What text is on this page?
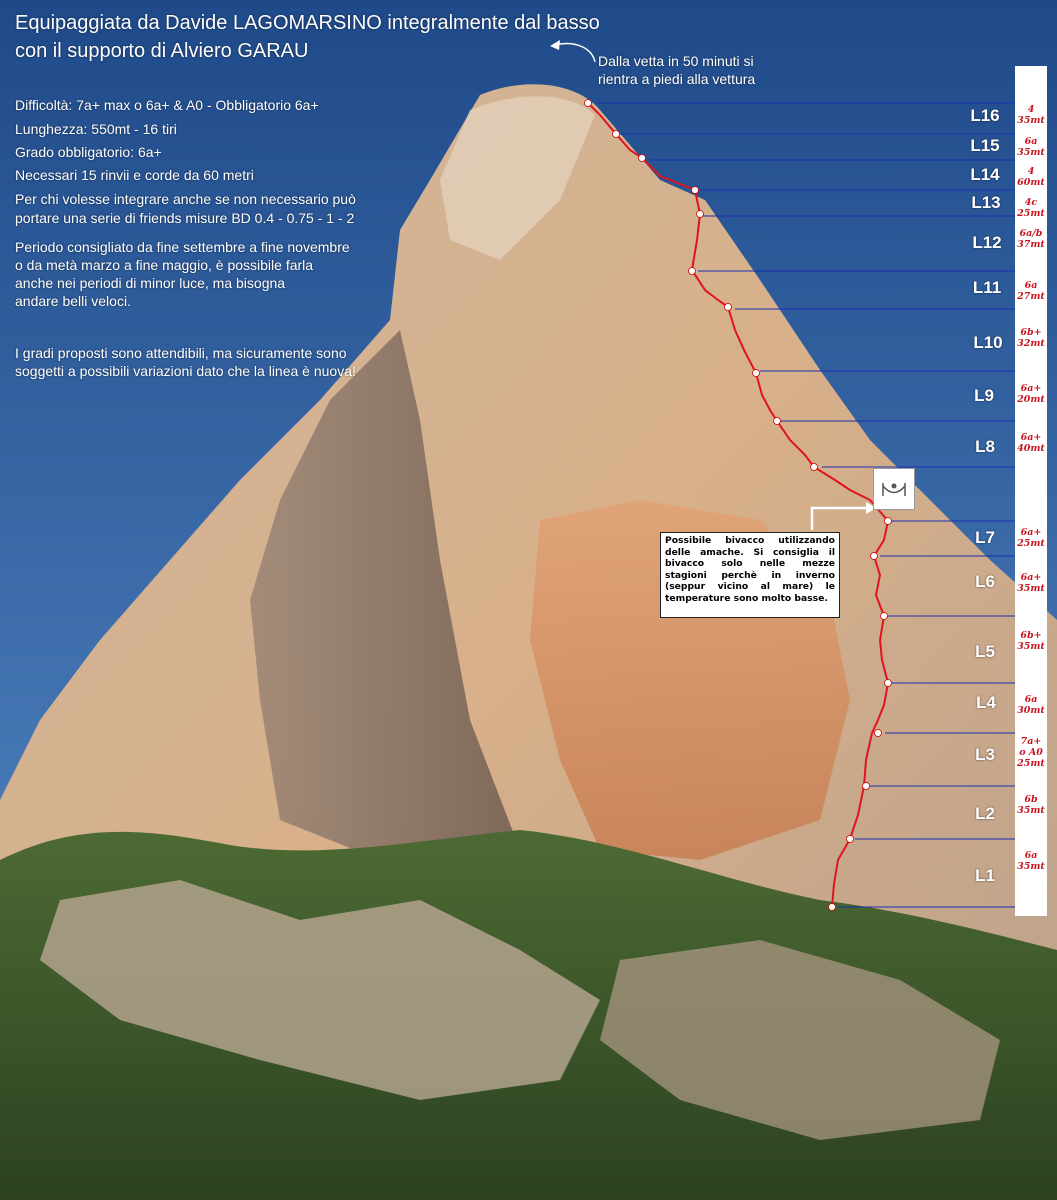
Equipaggiata da Davide LAGOMARSINO integralmente dal basso
con il supporto di Alviero GARAU	Dalla vetta in 50 minuti si
rientra a piedi alla vettura
Difficoltà: 7a+ max o 6a+ & A0 - Obbligatorio 6a+
Lunghezza: 550mt - 16 tiri
Grado obbligatorio: 6a+
Necessari 15 rinvii e corde da 60 metri
Per chi volesse integrare anche se non necessario può
portare una serie di friends misure BD 0.4 - 0.75 - 1 - 2
Periodo consigliato da fine settembre a fine novembre
o da metà marzo a fine maggio, è possibile farla
anche nei periodi di minor luce, ma bisogna
andare belli veloci.
I gradi proposti sono attendibili, ma sicuramente sono
soggetti a possibili variazioni dato che la linea è nuova!
Possibile bivacco utilizzando delle amache. Si consiglia il bivacco solo nelle mezze stagioni perchè in inverno (seppur vicino al mare) le temperature sono molto basse.
L16	4
35mt
L15	6a
35mt
L14	4
60mt
L13	4c
25mt
L12	6a/b
37mt
L11	6a
27mt
L10
6b+
32mt
L9	6a+
20mt
L8	6a+
40mt
L7	6a+
25mt
L6	6a+
35mt
L5
6b+
35mt
L4	6a
30mt
L3
7a+
o A0
25mt
L2
6b
35mt
L1
6a
35mt
